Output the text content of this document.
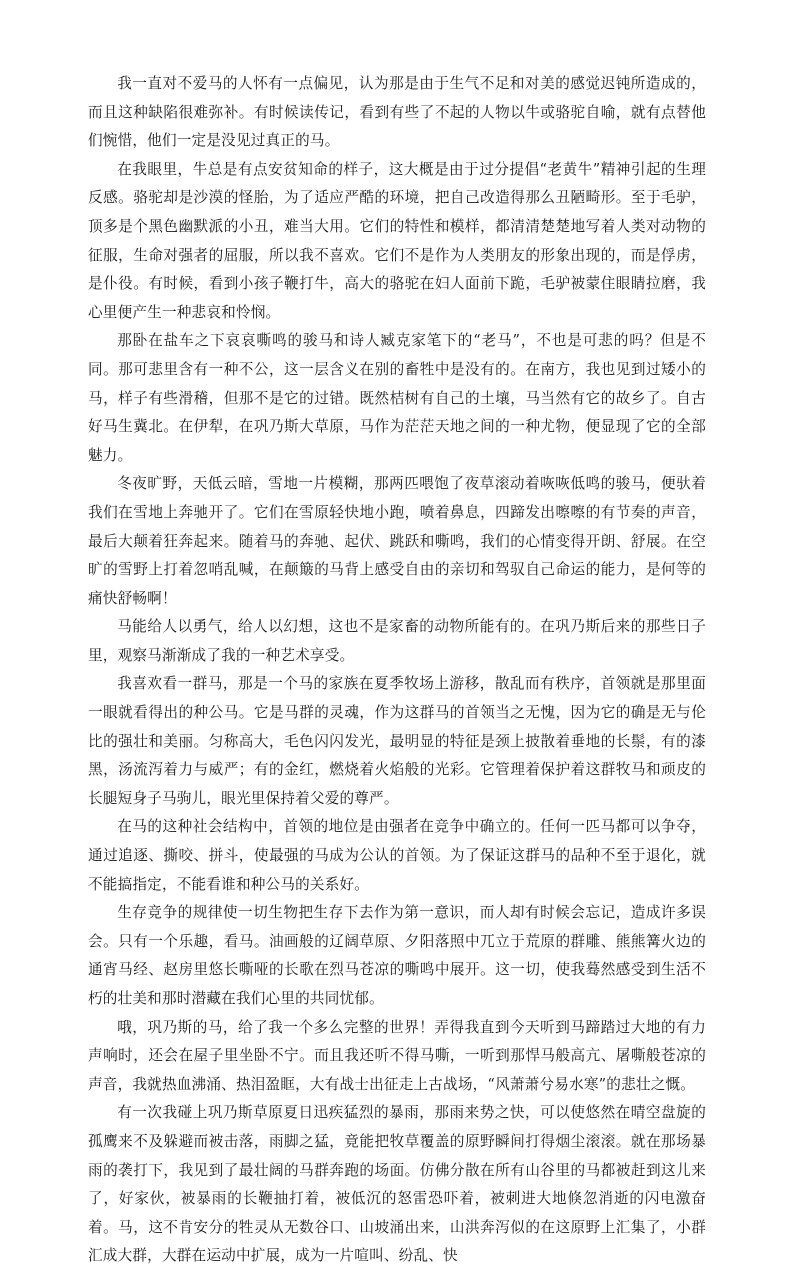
我一直对不爱马的人怀有一点偏见，认为那是由于生气不足和对美的感觉迟钝所造成的，而且这种缺陷很难弥补。有时候读传记，看到有些了不起的人物以牛或骆驼自喻，就有点替他们惋惜，他们一定是没见过真正的马。

在我眼里，牛总是有点安贫知命的样子，这大概是由于过分提倡“老黄牛”精神引起的生理反感。骆驼却是沙漠的怪胎，为了适应严酷的环境，把自己改造得那么丑陋畸形。至于毛驴，顶多是个黑色幽默派的小丑，难当大用。它们的特性和模样，都清清楚楚地写着人类对动物的征服，生命对强者的屈服，所以我不喜欢。它们不是作为人类朋友的形象出现的，而是俘虏，是仆役。有时候，看到小孩子鞭打牛，高大的骆驼在妇人面前下跪，毛驴被蒙住眼睛拉磨，我心里便产生一种悲哀和怜悯。

那卧在盐车之下哀哀嘶鸣的骏马和诗人臧克家笔下的“老马”，不也是可悲的吗？但是不同。那可悲里含有一种不公，这一层含义在别的畜牲中是没有的。在南方，我也见到过矮小的马，样子有些滑稽，但那不是它的过错。既然桔树有自己的土壤，马当然有它的故乡了。自古好马生冀北。在伊犁，在巩乃斯大草原，马作为茫茫天地之间的一种尤物，便显现了它的全部魅力。

冬夜旷野，天低云暗，雪地一片模糊，那两匹喂饱了夜草滚动着咴咴低鸣的骏马，便驮着我们在雪地上奔驰开了。它们在雪原轻快地小跑，喷着鼻息，四蹄发出嚓嚓的有节奏的声音，最后大颠着狂奔起来。随着马的奔驰、起伏、跳跃和嘶鸣，我们的心情变得开朗、舒展。在空旷的雪野上打着忽哨乱喊，在颠簸的马背上感受自由的亲切和驾驭自己命运的能力，是何等的痛快舒畅啊！

马能给人以勇气，给人以幻想，这也不是家畜的动物所能有的。在巩乃斯后来的那些日子里，观察马渐渐成了我的一种艺术享受。

我喜欢看一群马，那是一个马的家族在夏季牧场上游移，散乱而有秩序，首领就是那里面一眼就看得出的种公马。它是马群的灵魂，作为这群马的首领当之无愧，因为它的确是无与伦比的强壮和美丽。匀称高大，毛色闪闪发光，最明显的特征是颈上披散着垂地的长鬃，有的漆黑，汤流泻着力与威严；有的金红，燃烧着火焰般的光彩。它管理着保护着这群牧马和顽皮的长腿短身子马驹儿，眼光里保持着父爱的尊严。

在马的这种社会结构中，首领的地位是由强者在竞争中确立的。任何一匹马都可以争夺，通过追逐、撕咬、拼斗，使最强的马成为公认的首领。为了保证这群马的品种不至于退化，就不能搞指定，不能看谁和种公马的关系好。

生存竞争的规律使一切生物把生存下去作为第一意识，而人却有时候会忘记，造成许多误会。只有一个乐趣，看马。油画般的辽阔草原、夕阳落照中兀立于荒原的群雕、熊熊篝火边的通宵马经、赵房里悠长嘶哑的长歌在烈马苍凉的嘶鸣中展开。这一切，使我蓦然感受到生活不朽的壮美和那时潜藏在我们心里的共同忧郁。

哦，巩乃斯的马，给了我一个多么完整的世界！弄得我直到今天听到马蹄踏过大地的有力声响时，还会在屋子里坐卧不宁。而且我还听不得马嘶，一听到那悍马般高亢、屠嘶般苍凉的声音，我就热血沸涌、热泪盈眶，大有战士出征走上古战场，“风萧萧兮易水寒”的悲壮之慨。

有一次我碰上巩乃斯草原夏日迅疾猛烈的暴雨，那雨来势之快，可以使悠然在晴空盘旋的孤鹰来不及躲避而被击落，雨脚之猛，竟能把牧草覆盖的原野瞬间打得烟尘滚滚。就在那场暴雨的袭打下，我见到了最壮阔的马群奔跑的场面。仿佛分散在所有山谷里的马都被赶到这儿来了，好家伙，被暴雨的长鞭抽打着，被低沉的怒雷恐吓着，被刺进大地倏忽消逝的闪电激奋着。马，这不肯安分的牲灵从无数谷口、山坡涌出来，山洪奔泻似的在这原野上汇集了，小群汇成大群，大群在运动中扩展，成为一片喧叫、纷乱、快
